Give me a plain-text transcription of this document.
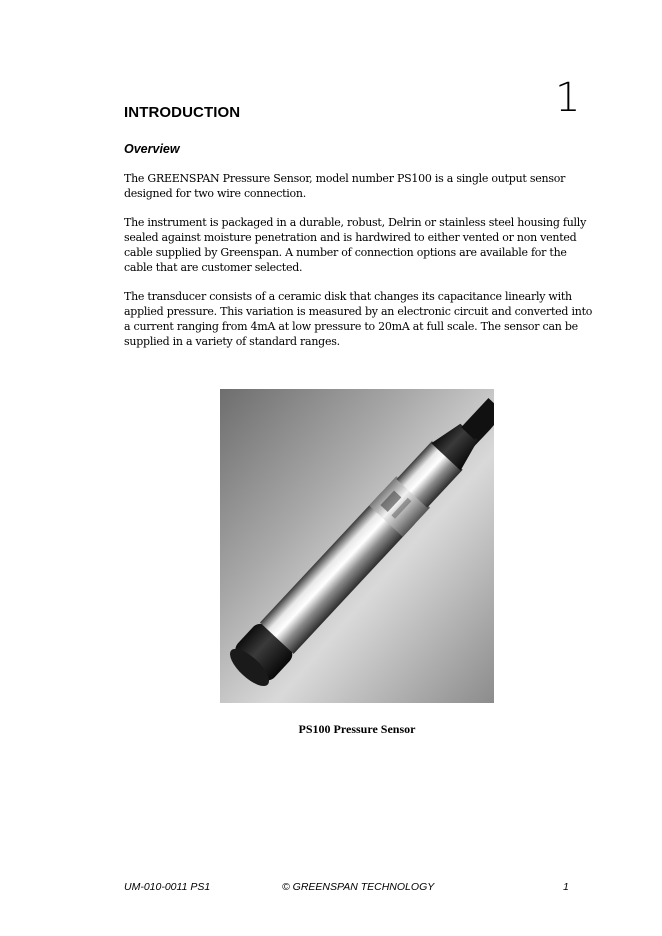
INTRODUCTION	1
Overview

The GREENSPAN Pressure Sensor, model number PS100 is a single output sensor designed for two wire connection.

The instrument is packaged in a durable, robust, Delrin or stainless steel housing fully sealed against moisture penetration and is hardwired to either vented or non vented cable supplied by Greenspan. A number of connection options are available for the cable that are customer selected.

The transducer consists of a ceramic disk that changes its capacitance linearly with applied pressure. This variation is measured by an electronic circuit and converted into a current ranging from 4mA at low pressure to 20mA at full scale. The sensor can be supplied in a variety of standard ranges.

PS100 Pressure Sensor
UM-010-0011 PS1	© GREENSPAN TECHNOLOGY	1
